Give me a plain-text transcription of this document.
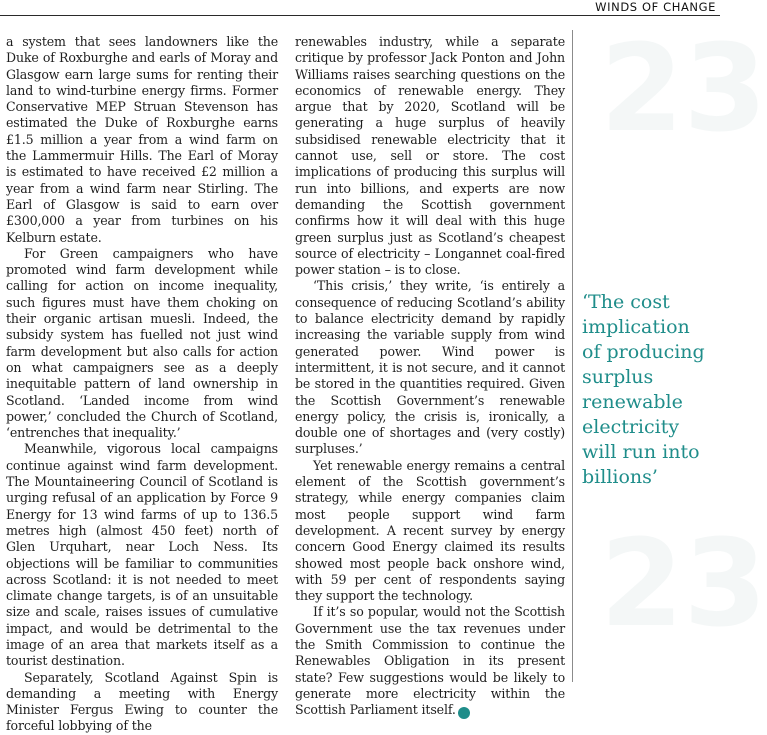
WINDS OF CHANGE
23
23

a system that sees landowners like the Duke of Roxburghe and earls of Moray and Glasgow earn large sums for renting their land to wind-turbine energy firms. Former Conservative MEP Struan Stevenson has estimated the Duke of Roxburghe earns £1.5 million a year from a wind farm on the Lammermuir Hills. The Earl of Moray is estimated to have received £2 million a year from a wind farm near Stirling. The Earl of Glasgow is said to earn over £300,000 a year from turbines on his Kelburn estate.

For Green campaigners who have promoted wind farm development while calling for action on income inequality, such figures must have them choking on their organic artisan muesli. Indeed, the subsidy system has fuelled not just wind farm development but also calls for action on what campaigners see as a deeply inequitable pattern of land ownership in Scotland. ‘Landed income from wind power,’ concluded the Church of Scotland, ‘entrenches that inequality.’

Meanwhile, vigorous local campaigns continue against wind farm development. The Mountaineering Council of Scotland is urging refusal of an application by Force 9 Energy for 13 wind farms of up to 136.5 metres high (almost 450 feet) north of Glen Urquhart, near Loch Ness. Its objections will be familiar to communities across Scotland: it is not needed to meet climate change targets, is of an unsuitable size and scale, raises issues of cumulative impact, and would be detrimental to the image of an area that markets itself as a tourist destination.

Separately, Scotland Against Spin is demanding a meeting with Energy Minister Fergus Ewing to counter the forceful lobbying of the

renewables industry, while a separate critique by professor Jack Ponton and John Williams raises searching questions on the economics of renewable energy. They argue that by 2020, Scotland will be generating a huge surplus of heavily subsidised renewable electricity that it cannot use, sell or store. The cost implications of producing this surplus will run into billions, and experts are now demanding the Scottish government confirms how it will deal with this huge green surplus just as Scotland’s cheapest source of electricity – Longannet coal-fired power station – is to close.

‘This crisis,’ they write, ‘is entirely a consequence of reducing Scotland’s ability to balance electricity demand by rapidly increasing the variable supply from wind generated power. Wind power is intermittent, it is not secure, and it cannot be stored in the quantities required. Given the Scottish Government’s renewable energy policy, the crisis is, ironically, a double one of shortages and (very costly) surpluses.’

Yet renewable energy remains a central element of the Scottish government’s strategy, while energy companies claim most people support wind farm development. A recent survey by energy concern Good Energy claimed its results showed most people back onshore wind, with 59 per cent of respondents saying they support the technology.

If it’s so popular, would not the Scottish Government use the tax revenues under the Smith Commission to continue the Renewables Obligation in its present state? Few suggestions would be likely to generate more electricity within the Scottish Parliament itself.	S

‘The cost
implication
of producing
surplus
renewable
electricity
will run into
billions’
